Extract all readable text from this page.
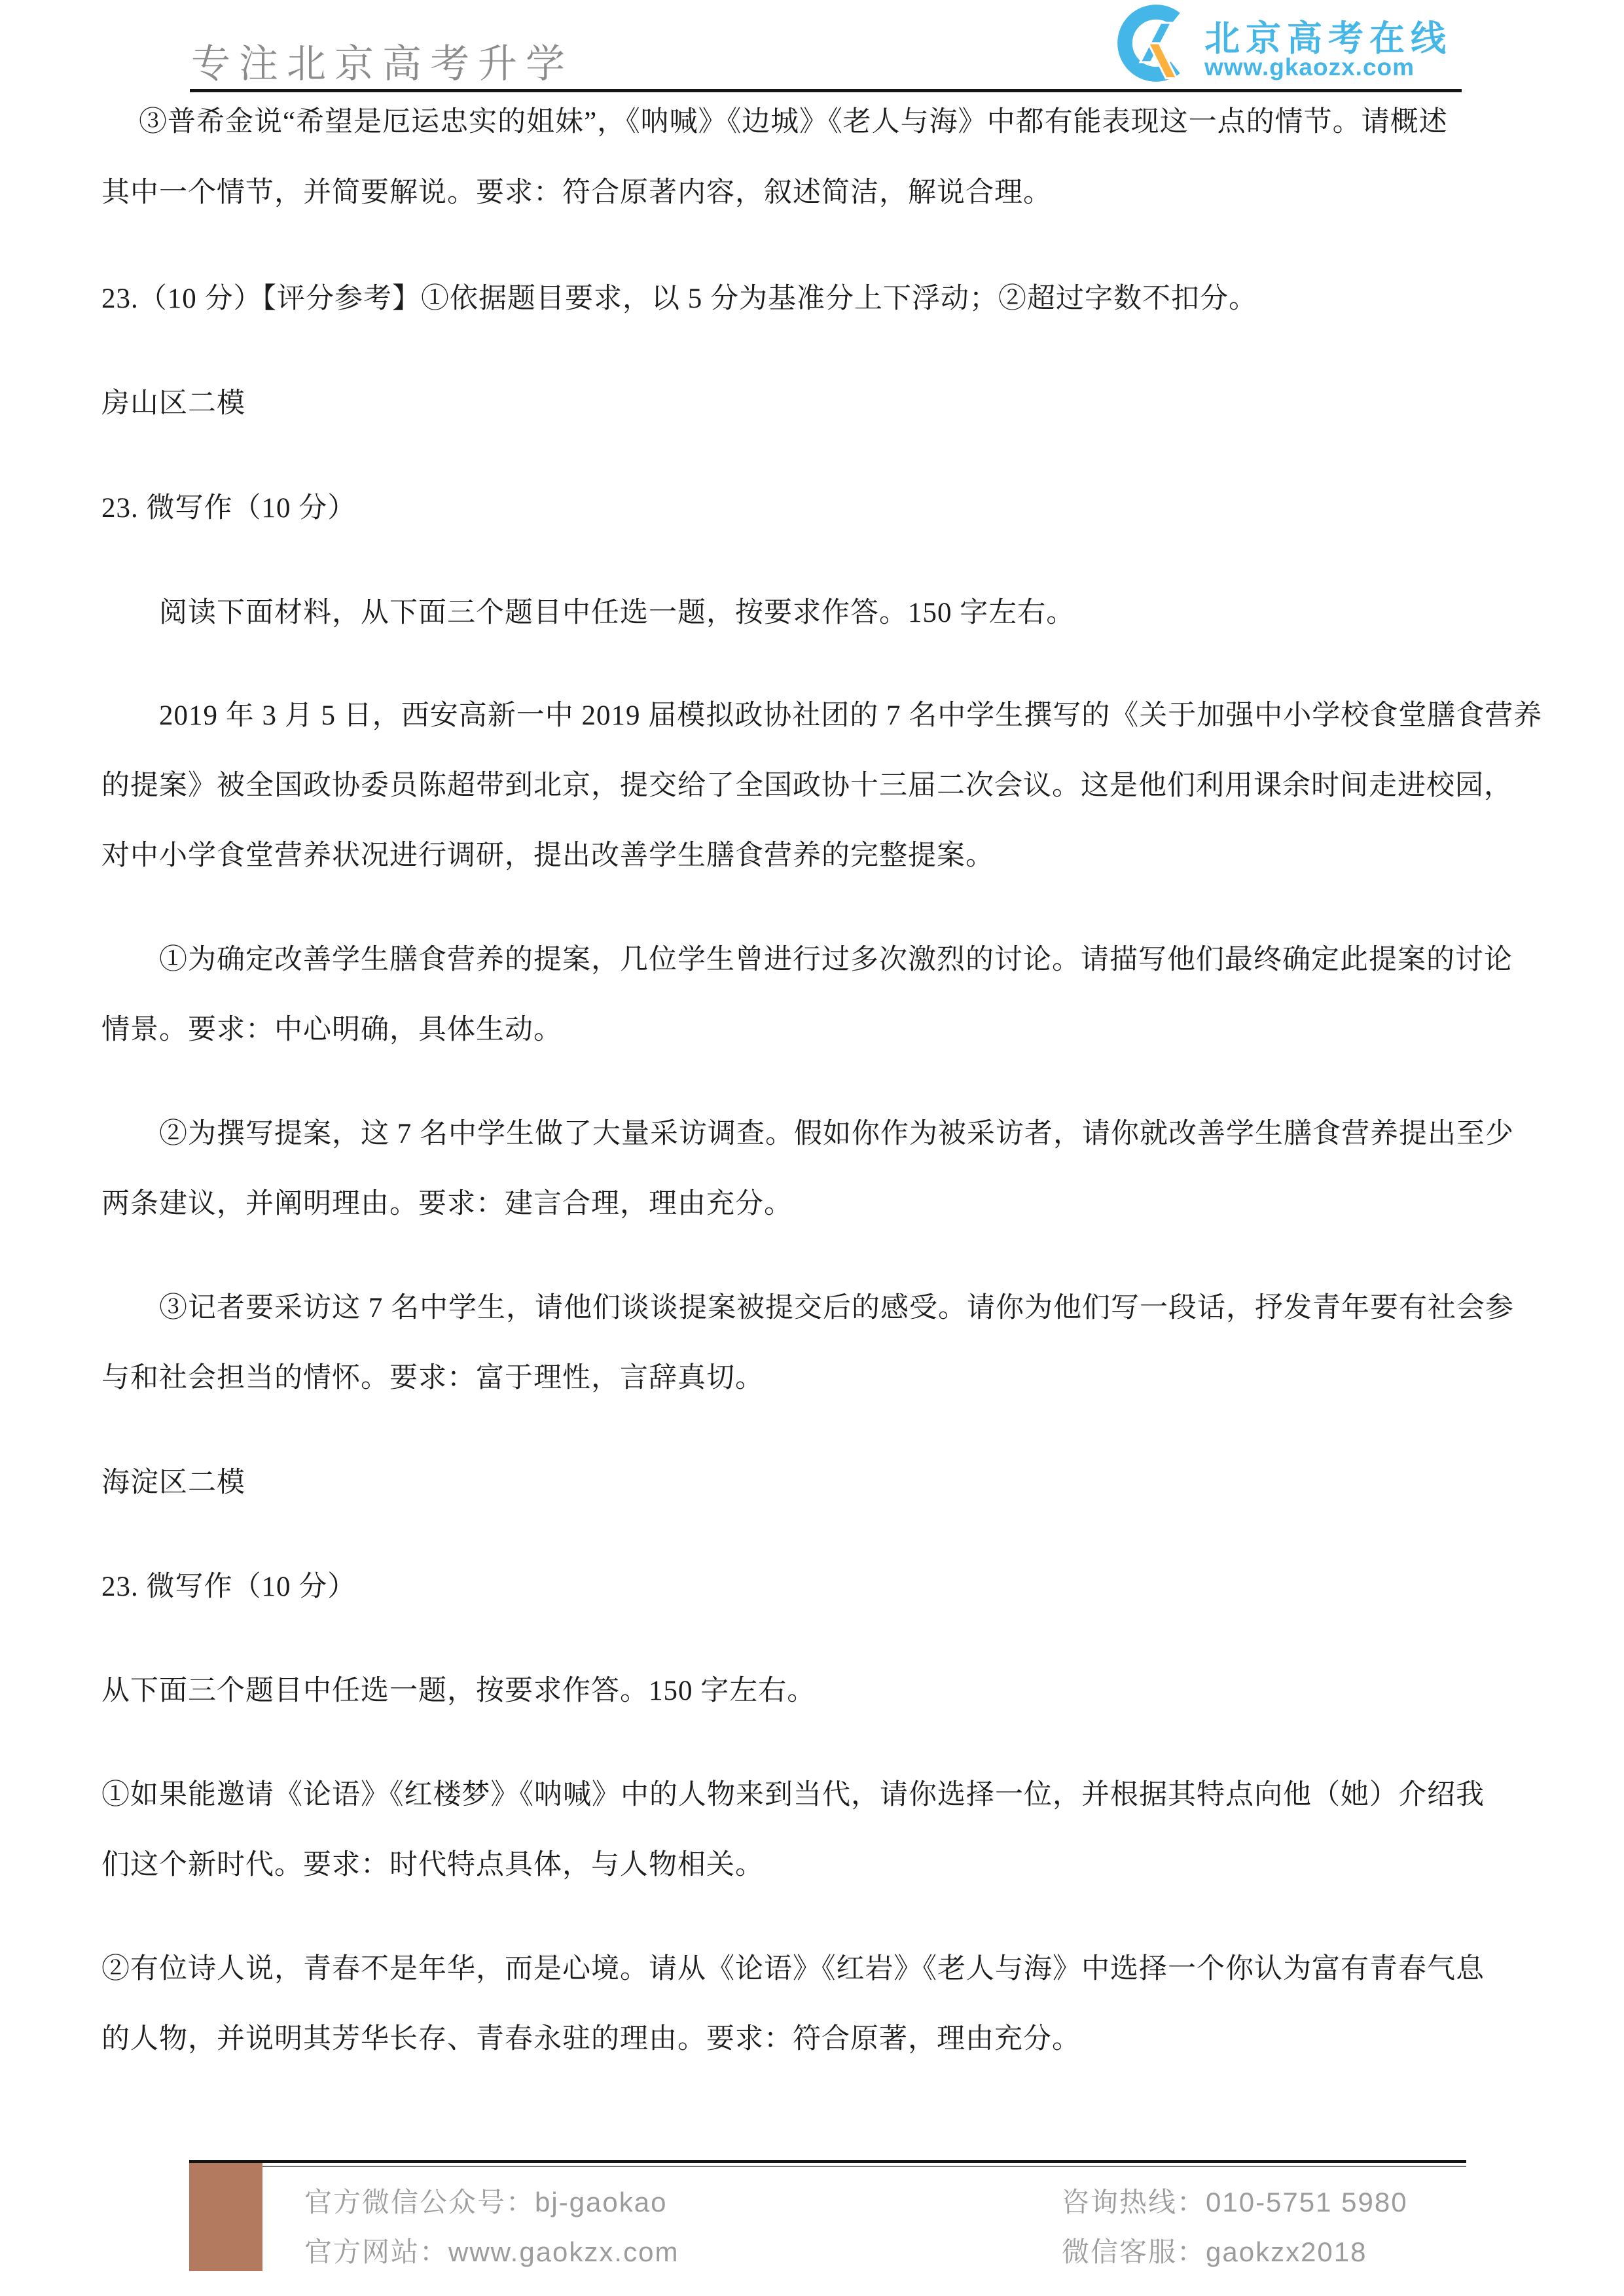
专注北京高考升学
北京高考在线
www.gkaozx.com
③普希金说“希望是厄运忠实的姐妹”，《呐喊》《边城》《老人与海》中都有能表现这一点的情节。请概述
其中一个情节，并简要解说。要求：符合原著内容，叙述简洁，解说合理。
23.（10 分）【评分参考】①依据题目要求，以 5 分为基准分上下浮动；②超过字数不扣分。
房山区二模
23. 微写作（10 分）
阅读下面材料，从下面三个题目中任选一题，按要求作答。150 字左右。
2019 年 3 月 5 日，西安高新一中 2019 届模拟政协社团的 7 名中学生撰写的《关于加强中小学校食堂膳食营养
的提案》被全国政协委员陈超带到北京，提交给了全国政协十三届二次会议。这是他们利用课余时间走进校园，
对中小学食堂营养状况进行调研，提出改善学生膳食营养的完整提案。
①为确定改善学生膳食营养的提案，几位学生曾进行过多次激烈的讨论。请描写他们最终确定此提案的讨论
情景。要求：中心明确，具体生动。
②为撰写提案，这 7 名中学生做了大量采访调查。假如你作为被采访者，请你就改善学生膳食营养提出至少
两条建议，并阐明理由。要求：建言合理，理由充分。
③记者要采访这 7 名中学生，请他们谈谈提案被提交后的感受。请你为他们写一段话，抒发青年要有社会参
与和社会担当的情怀。要求：富于理性，言辞真切。
海淀区二模
23. 微写作（10 分）
从下面三个题目中任选一题，按要求作答。150 字左右。
①如果能邀请《论语》《红楼梦》《呐喊》中的人物来到当代，请你选择一位，并根据其特点向他（她）介绍我
们这个新时代。要求：时代特点具体，与人物相关。
②有位诗人说，青春不是年华，而是心境。请从《论语》《红岩》《老人与海》中选择一个你认为富有青春气息
的人物，并说明其芳华长存、青春永驻的理由。要求：符合原著，理由充分。
官方微信公众号：bj-gaokao
官方网站：www.gaokzx.com
咨询热线：010-5751 5980
微信客服：gaokzx2018
